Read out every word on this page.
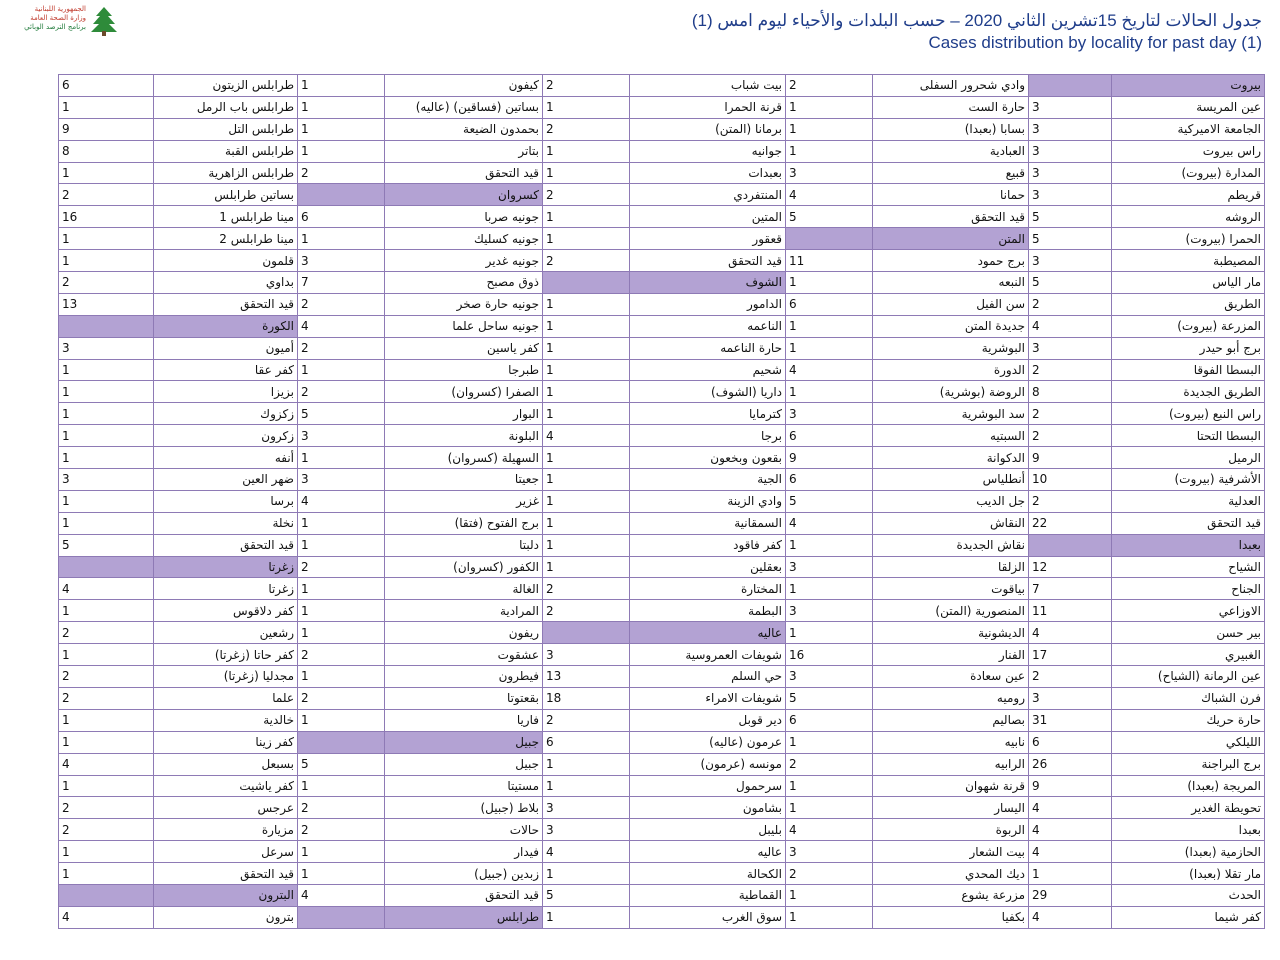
الجمهورية اللبنانية
وزارة الصحة العامة
برنامج الترصد الوبائي	جدول الحالات لتاريخ 15تشرين الثاني 2020 – حسب البلدات والأحياء ليوم امس (1)
Cases distribution by locality for past day (1)
6	طرابلس الزيتون	1	كيفون	2	بيت شباب	2	وادي شحرور السفلى		بيروت
1	طرابلس باب الرمل	1	بساتين (فساقين) (عاليه)	1	قرنة الحمرا	1	حارة الست	3	عين المريسة
9	طرابلس التل	1	بحمدون الضيعة	2	برمانا (المتن)	1	بسابا (بعبدا)	3	الجامعة الاميركية
8	طرابلس القبة	1	بتاتر	1	جوانيه	1	العبادية	3	راس بيروت
1	طرابلس الزاهرية	2	قيد التحقق	1	بعبدات	3	قبيع	3	المدارة (بيروت)
2	بساتين طرابلس		كسروان	2	المنتفردي	4	حمانا	3	قريطم
16	مينا طرابلس 1	6	جونيه صربا	1	المتين	5	قيد التحقق	5	الروشه
1	مينا طرابلس 2	1	جونيه كسليك	1	قعقور		المتن	5	الحمرا (بيروت)
1	قلمون	3	جونيه غدير	2	قيد التحقق	11	برج حمود	3	المصيطبة
2	بداوي	7	ذوق مصبح		الشوف	1	النبعه	5	مار الياس
13	قيد التحقق	2	جونيه حارة صخر	1	الدامور	6	سن الفيل	2	الطريق
	الكورة	4	جونيه ساحل علما	1	الناعمه	1	جديدة المتن	4	المزرعة (بيروت)
3	أميون	2	كفر ياسين	1	حارة الناعمه	1	البوشرية	3	برج أبو حيدر
1	كفر عقا	1	طبرجا	1	شحيم	4	الدورة	2	البسطا الفوقا
1	بزيزا	2	الصفرا (كسروان)	1	داريا (الشوف)	1	الروضة (بوشرية)	8	الطريق الجديدة
1	زكزوك	5	البوار	1	كترمايا	3	سد البوشرية	2	راس النبع (بيروت)
1	زكرون	3	البلونة	4	برجا	6	السبتيه	2	البسطا التحتا
1	أنفه	1	السهيلة (كسروان)	1	بقعون وبخعون	9	الدكوانة	9	الرميل
3	ضهر العين	3	جعيتا	1	الجية	6	أنطلياس	10	الأشرفية (بيروت)
1	برسا	4	غزير	1	وادي الزينة	5	جل الديب	2	العدلية
1	نخلة	1	برج الفتوح (فتقا)	1	السمقانية	4	النقاش	22	قيد التحقق
5	قيد التحقق	1	دلبتا	1	كفر فاقود	1	نقاش الجديدة		بعبدا
	زغرتا	2	الكفور (كسروان)	1	بعقلين	3	الزلقا	12	الشياح
4	زغرتا	1	الغالة	2	المختارة	1	بياقوت	7	الجناح
1	كفر دلاقوس	1	المرادية	2	البطمة	3	المنصورية (المتن)	11	الاوزاعي
2	رشعين	1	ريفون		عاليه	1	الديشونية	4	بير حسن
1	كفر حاتا (زغرتا)	2	عشقوت	3	شويفات العمروسية	16	الفنار	17	الغبيري
2	مجدليا (زغرتا)	1	فيطرون	13	حي السلم	3	عين سعادة	2	عين الرمانة (الشياح)
2	علما	2	بقعتوتا	18	شويفات الامراء	5	روميه	3	فرن الشباك
1	خالدية	1	فاريا	2	دير قوبل	6	بصاليم	31	حارة حريك
1	كفر زينا		جبيل	6	عرمون (عاليه)	1	نابيه	6	الليلكي
4	بسبعل	5	جبيل	1	مونسه (عرمون)	2	الرابيه	26	برج البراجنة
1	كفر ياشيت	1	مستيتا	1	سرحمول	1	قرنة شهوان	9	المريجة (بعبدا)
2	عرجس	2	بلاط (جبيل)	3	بشامون	1	اليسار	4	تحويطة الغدير
2	مزيارة	2	حالات	3	بليبل	4	الربوة	4	بعبدا
1	سرعل	1	فيدار	4	عاليه	3	بيت الشعار	4	الحازمية (بعبدا)
1	قيد التحقق	1	زبدين (جبيل)	1	الكحالة	2	ديك المحدي	1	مار تقلا (بعبدا)
	البترون	4	قيد التحقق	5	القماطية	1	مزرعة يشوع	29	الحدث
4	بترون		طرابلس	1	سوق الغرب	1	بكفيا	4	كفر شيما
